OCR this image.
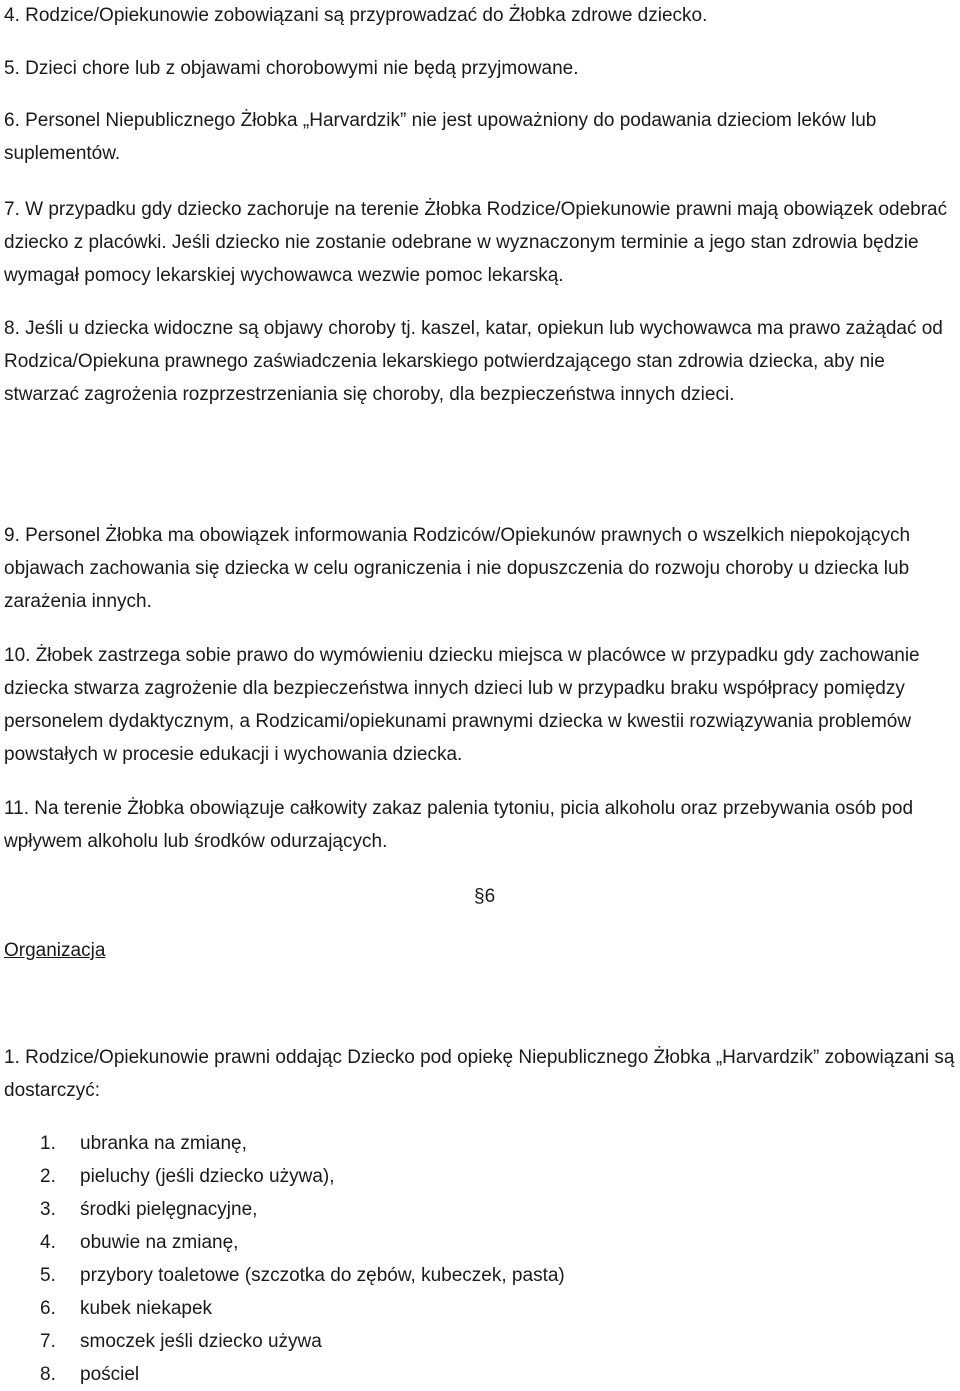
4. Rodzice/Opiekunowie zobowiązani są przyprowadzać do Żłobka zdrowe dziecko.

5. Dzieci chore lub z objawami chorobowymi nie będą przyjmowane.

6. Personel Niepublicznego Żłobka „Harvardzik” nie jest upoważniony do podawania dzieciom leków lub suplementów.

7. W przypadku gdy dziecko zachoruje na terenie Żłobka Rodzice/Opiekunowie prawni mają obowiązek odebrać dziecko z placówki. Jeśli dziecko nie zostanie odebrane w wyznaczonym terminie a jego stan zdrowia będzie wymagał pomocy lekarskiej wychowawca wezwie pomoc lekarską.

8. Jeśli u dziecka widoczne są objawy choroby tj. kaszel, katar, opiekun lub wychowawca ma prawo zażądać od Rodzica/Opiekuna prawnego zaświadczenia lekarskiego potwierdzającego stan zdrowia dziecka, aby nie stwarzać zagrożenia rozprzestrzeniania się choroby, dla bezpieczeństwa innych dzieci.

9. Personel Żłobka ma obowiązek informowania Rodziców/Opiekunów prawnych o wszelkich niepokojących objawach zachowania się dziecka w celu ograniczenia i nie dopuszczenia do rozwoju choroby u dziecka lub zarażenia innych.

10. Żłobek zastrzega sobie prawo do wymówieniu dziecku miejsca w placówce w przypadku gdy zachowanie dziecka stwarza zagrożenie dla bezpieczeństwa innych dzieci lub w przypadku braku współpracy pomiędzy personelem dydaktycznym, a Rodzicami/opiekunami prawnymi dziecka w kwestii rozwiązywania problemów powstałych w procesie edukacji i wychowania dziecka.

11. Na terenie Żłobka obowiązuje całkowity zakaz palenia tytoniu, picia alkoholu oraz przebywania osób pod wpływem alkoholu lub środków odurzających.

§6

Organizacja

1. Rodzice/Opiekunowie prawni oddając Dziecko pod opiekę Niepublicznego Żłobka „Harvardzik” zobowiązani są dostarczyć:

1. ubranka na zmianę,
2. pieluchy (jeśli dziecko używa),
3. środki pielęgnacyjne,
4. obuwie na zmianę,
5. przybory toaletowe (szczotka do zębów, kubeczek, pasta)
6. kubek niekapek
7. smoczek jeśli dziecko używa
8. pościel
